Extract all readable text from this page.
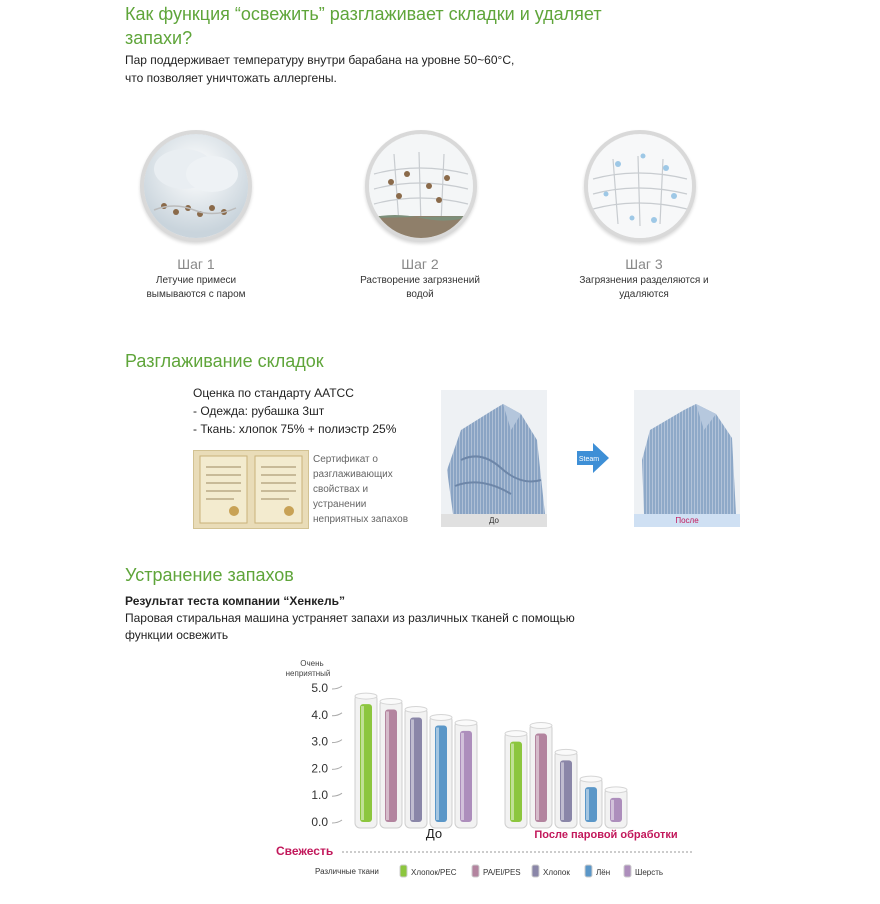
Как функция “освежить” разглаживает складки и удаляет запахи?
Пар поддерживает температуру внутри барабана на уровне 50~60°C,
что позволяет уничтожать аллергены.
Шаг 1
Летучие примеси
вымываются с паром
Шаг 2
Растворение загрязнений
водой
Шаг 3
Загрязнения разделяются и
удаляются
Разглаживание складок
Оценка по стандарту AATCC
- Одежда: рубашка 3шт
- Ткань: хлопок 75% + полиэстр 25%
Сертификат о
разглаживающих
свойствах и
устранении
неприятных запахов	До
Steam
После
Устранение запахов
Результат теста компании “Хенкель”
Паровая стиральная машина устраняет запахи из различных тканей с помощью
функции освежить
Очень
неприятный
5.0
4.0
3.0
2.0
1.0
0.0
До	После паровой обработки
Свежесть
Различные ткани	Хлопок/PEC	PA/El/PES	Хлопок	Лён	Шерсть
